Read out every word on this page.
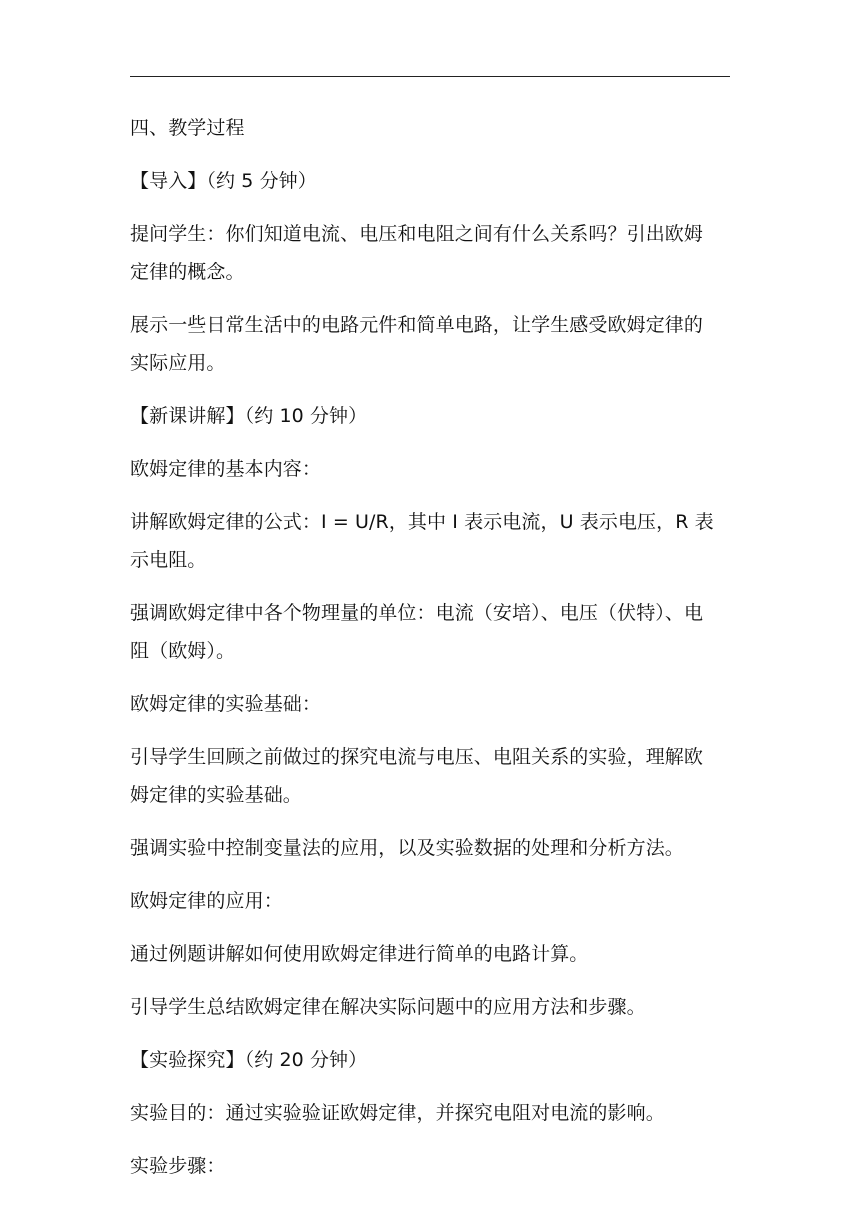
四、教学过程

【导入】（约 5 分钟）

提问学生：你们知道电流、电压和电阻之间有什么关系吗？引出欧姆
定律的概念。

展示一些日常生活中的电路元件和简单电路，让学生感受欧姆定律的
实际应用。

【新课讲解】（约 10 分钟）

欧姆定律的基本内容：

讲解欧姆定律的公式：I = U/R，其中 I 表示电流，U 表示电压，R 表
示电阻。

强调欧姆定律中各个物理量的单位：电流（安培）、电压（伏特）、电
阻（欧姆）。

欧姆定律的实验基础：

引导学生回顾之前做过的探究电流与电压、电阻关系的实验，理解欧
姆定律的实验基础。

强调实验中控制变量法的应用，以及实验数据的处理和分析方法。

欧姆定律的应用：

通过例题讲解如何使用欧姆定律进行简单的电路计算。

引导学生总结欧姆定律在解决实际问题中的应用方法和步骤。

【实验探究】（约 20 分钟）

实验目的：通过实验验证欧姆定律，并探究电阻对电流的影响。

实验步骤：
